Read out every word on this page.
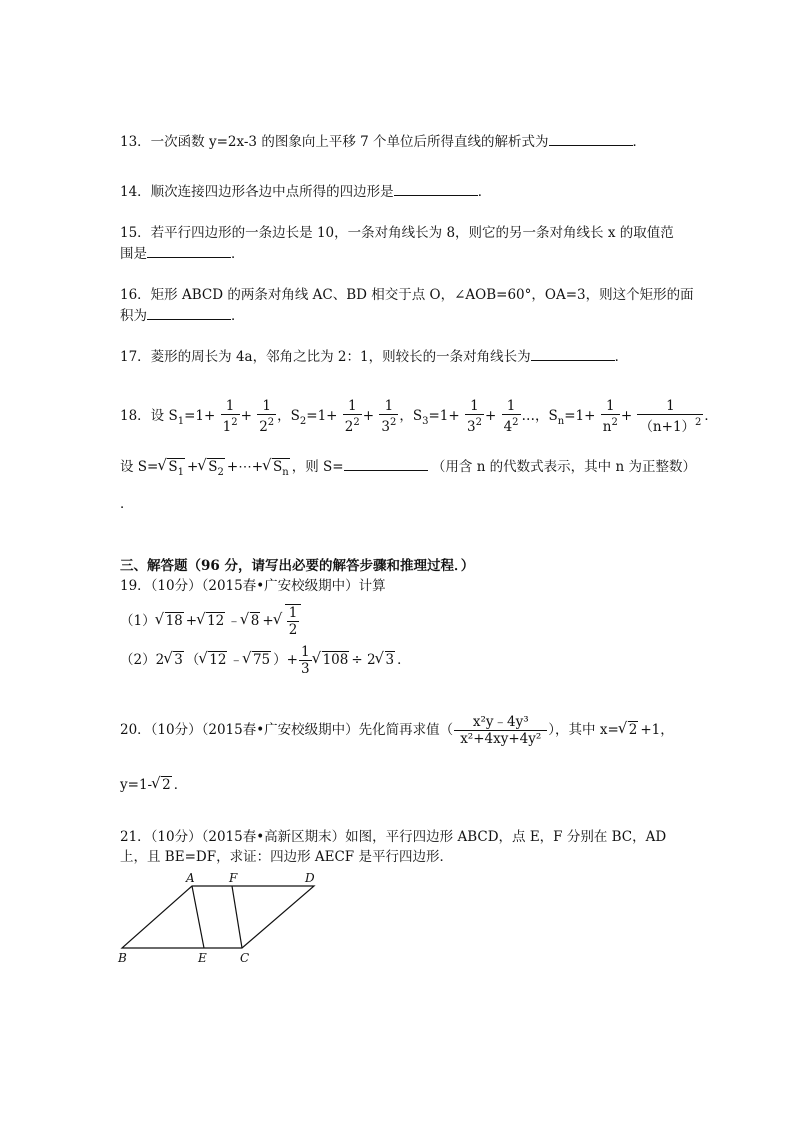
13．一次函数 y=2x-3 的图象向上平移 7 个单位后所得直线的解析式为	．
14．顺次连接四边形各边中点所得的四边形是	．
15．若平行四边形的一条边长是 10，一条对角线长为 8，则它的另一条对角线长 x 的取值范
围是	．
16．矩形 ABCD 的两条对角线 AC、BD 相交于点 O，∠AOB=60°，OA=3，则这个矩形的面
积为	．
17．菱形的周长为 4a，邻角之比为 2：1，则较长的一条对角线长为	．
18．设 $S_1=1+ \frac{1}{1^2} + \frac{1}{2^2}$ ，$S_2=1+ \frac{1}{2^2} + \frac{1}{3^2}$ ，$S_3=1+ \frac{1}{3^2} + \frac{1}{4^2}$ …，$S_n=1+ \frac{1}{n^2} + \frac{1}{(n+1)^2}$ ．
设 S= √ $S_1$ + √ $S_2$ +⋯+ √ $S_n$ ，则 S=	（用含 n 的代数式表示，其中 n 为正整数）
．
三、解答题（96 分，请写出必要的解答步骤和推理过程．）
19．（10分）（2015春•广安校级期中）计算
（1） √ 18 + √ 12 ﹣ √ 8 + √ $\frac{1}{2}$
（2）2 √ 3 （ √ 12 ﹣ √ 75 ）+ $\frac{1}{3}$ √ 108 ÷ 2 √ 3 ．
20．（10分）（2015春•广安校级期中）先化简再求值（ $\frac{\text{x²y﹣4y³}}{\text{x²+4xy+4y²}}$ ），其中 x= √ 2 +1，
y=1- √ 2 ．
21．（10分）（2015春•高新区期末）如图，平行四边形 ABCD，点 E，F 分别在 BC，AD
上，且 BE=DF，求证：四边形 AECF 是平行四边形．
A	F	D
B	E	C
